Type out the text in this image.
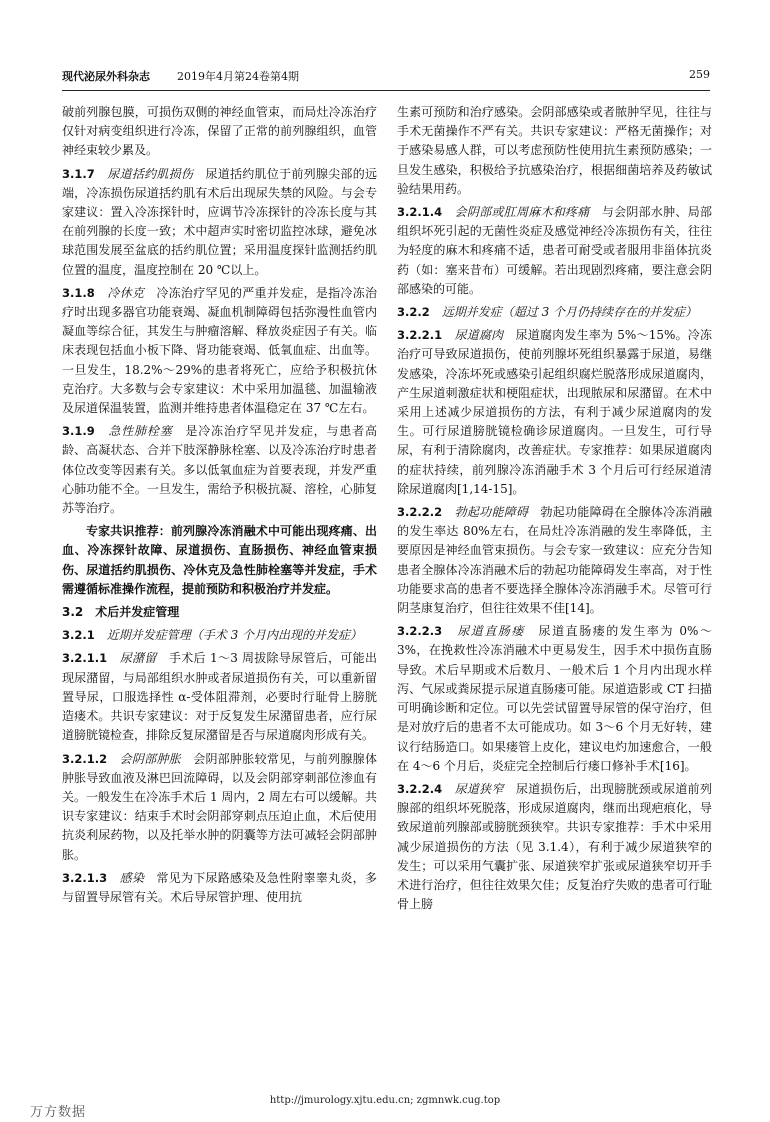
现代泌尿外科杂志 2019年4月第24卷第4期	259

破前列腺包膜，可损伤双侧的神经血管束，而局灶冷冻治疗仅针对病变组织进行冷冻，保留了正常的前列腺组织，血管神经束较少累及。

3.1.7　 尿道括约肌损伤　 尿道括约肌位于前列腺尖部的远端，冷冻损伤尿道括约肌有术后出现尿失禁的风险。与会专家建议：置入冷冻探针时，应调节冷冻探针的冷冻长度与其在前列腺的长度一致；术中超声实时密切监控冰球，避免冰球范围发展至盆底的括约肌位置；采用温度探针监测括约肌位置的温度，温度控制在 20 ℃以上。

3.1.8　 冷休克　 冷冻治疗罕见的严重并发症，是指冷冻治疗时出现多器官功能衰竭、凝血机制障碍包括弥漫性血管内凝血等综合征，其发生与肿瘤溶解、释放炎症因子有关。临床表现包括血小板下降、肾功能衰竭、低氧血症、出血等。一旦发生，18.2%～29%的患者将死亡，应给予积极抗休克治疗。大多数与会专家建议：术中采用加温毯、加温输液及尿道保温装置，监测并维持患者体温稳定在 37 ℃左右。

3.1.9　 急性肺栓塞　 是冷冻治疗罕见并发症，与患者高龄、高凝状态、合并下肢深静脉栓塞、以及冷冻治疗时患者体位改变等因素有关。多以低氧血症为首要表现，并发严重心肺功能不全。一旦发生，需给予积极抗凝、溶栓，心肺复苏等治疗。

专家共识推荐：前列腺冷冻消融术中可能出现疼痛、出血、冷冻探针故障、尿道损伤、直肠损伤、神经血管束损伤、尿道括约肌损伤、冷休克及急性肺栓塞等并发症，手术需遵循标准操作流程，提前预防和积极治疗并发症。

3.2　术后并发症管理

3.2.1　 近期并发症管理（手术 3 个月内出现的并发症）

3.2.1.1　 尿潴留　 手术后 1～3 周拔除导尿管后，可能出现尿潴留，与局部组织水肿或者尿道损伤有关，可以重新留置导尿，口服选择性 α-受体阻滞剂，必要时行耻骨上膀胱造瘘术。共识专家建议：对于反复发生尿潴留患者，应行尿道膀胱镜检查，排除反复尿潴留是否与尿道腐肉形成有关。

3.2.1.2　 会阴部肿胀　 会阴部肿胀较常见，与前列腺腺体肿胀导致血液及淋巴回流障碍，以及会阴部穿刺部位渗血有关。一般发生在冷冻手术后 1 周内，2 周左右可以缓解。共识专家建议：结束手术时会阴部穿刺点压迫止血，术后使用抗炎利尿药物，以及托举水肿的阴囊等方法可减轻会阴部肿胀。

3.2.1.3　 感染　 常见为下尿路感染及急性附睾睾丸炎，多与留置导尿管有关。术后导尿管护理、使用抗

生素可预防和治疗感染。会阴部感染或者脓肿罕见，往往与手术无菌操作不严有关。共识专家建议：严格无菌操作；对于感染易感人群，可以考虑预防性使用抗生素预防感染；一旦发生感染，积极给予抗感染治疗，根据细菌培养及药敏试验结果用药。

3.2.1.4　 会阴部或肛周麻木和疼痛　 与会阴部水肿、局部组织坏死引起的无菌性炎症及感觉神经冷冻损伤有关，往往为轻度的麻木和疼痛不适，患者可耐受或者服用非甾体抗炎药（如：塞来昔布）可缓解。若出现剧烈疼痛，要注意会阴部感染的可能。

3.2.2　 远期并发症（超过 3 个月仍持续存在的并发症）

3.2.2.1　 尿道腐肉　 尿道腐肉发生率为 5%～15%。冷冻治疗可导致尿道损伤，使前列腺坏死组织暴露于尿道，易继发感染，冷冻坏死或感染引起组织腐烂脱落形成尿道腐肉，产生尿道刺激症状和梗阻症状，出现脓尿和尿潴留。在术中采用上述减少尿道损伤的方法，有利于减少尿道腐肉的发生。可行尿道膀胱镜检确诊尿道腐肉。一旦发生，可行导尿，有利于清除腐肉，改善症状。专家推荐：如果尿道腐肉的症状持续，前列腺冷冻消融手术 3 个月后可行经尿道清除尿道腐肉[1,14-15]。

3.2.2.2　 勃起功能障碍　 勃起功能障碍在全腺体冷冻消融的发生率达 80%左右，在局灶冷冻消融的发生率降低，主要原因是神经血管束损伤。与会专家一致建议：应充分告知患者全腺体冷冻消融术后的勃起功能障碍发生率高，对于性功能要求高的患者不要选择全腺体冷冻消融手术。尽管可行阴茎康复治疗，但往往效果不佳[14]。

3.2.2.3　 尿道直肠瘘　 尿道直肠瘘的发生率为 0%～3%，在挽救性冷冻消融术中更易发生，因手术中损伤直肠导致。术后早期或术后数月、一般术后 1 个月内出现水样泻、气尿或粪尿提示尿道直肠瘘可能。尿道造影或 CT 扫描可明确诊断和定位。可以先尝试留置导尿管的保守治疗，但是对放疗后的患者不太可能成功。如 3～6 个月无好转，建议行结肠造口。如果瘘管上皮化，建议电灼加速愈合，一般在 4～6 个月后，炎症完全控制后行瘘口修补手术[16]。

3.2.2.4　 尿道狭窄　 尿道损伤后，出现膀胱颈或尿道前列腺部的组织坏死脱落，形成尿道腐肉，继而出现疤痕化，导致尿道前列腺部或膀胱颈狭窄。共识专家推荐：手术中采用减少尿道损伤的方法（见 3.1.4），有利于减少尿道狭窄的发生；可以采用气囊扩张、尿道狭窄扩张或尿道狭窄切开手术进行治疗，但往往效果欠佳；反复治疗失败的患者可行耻骨上膀

http://jmurology.xjtu.edu.cn; zgmnwk.cug.top
万方数据
